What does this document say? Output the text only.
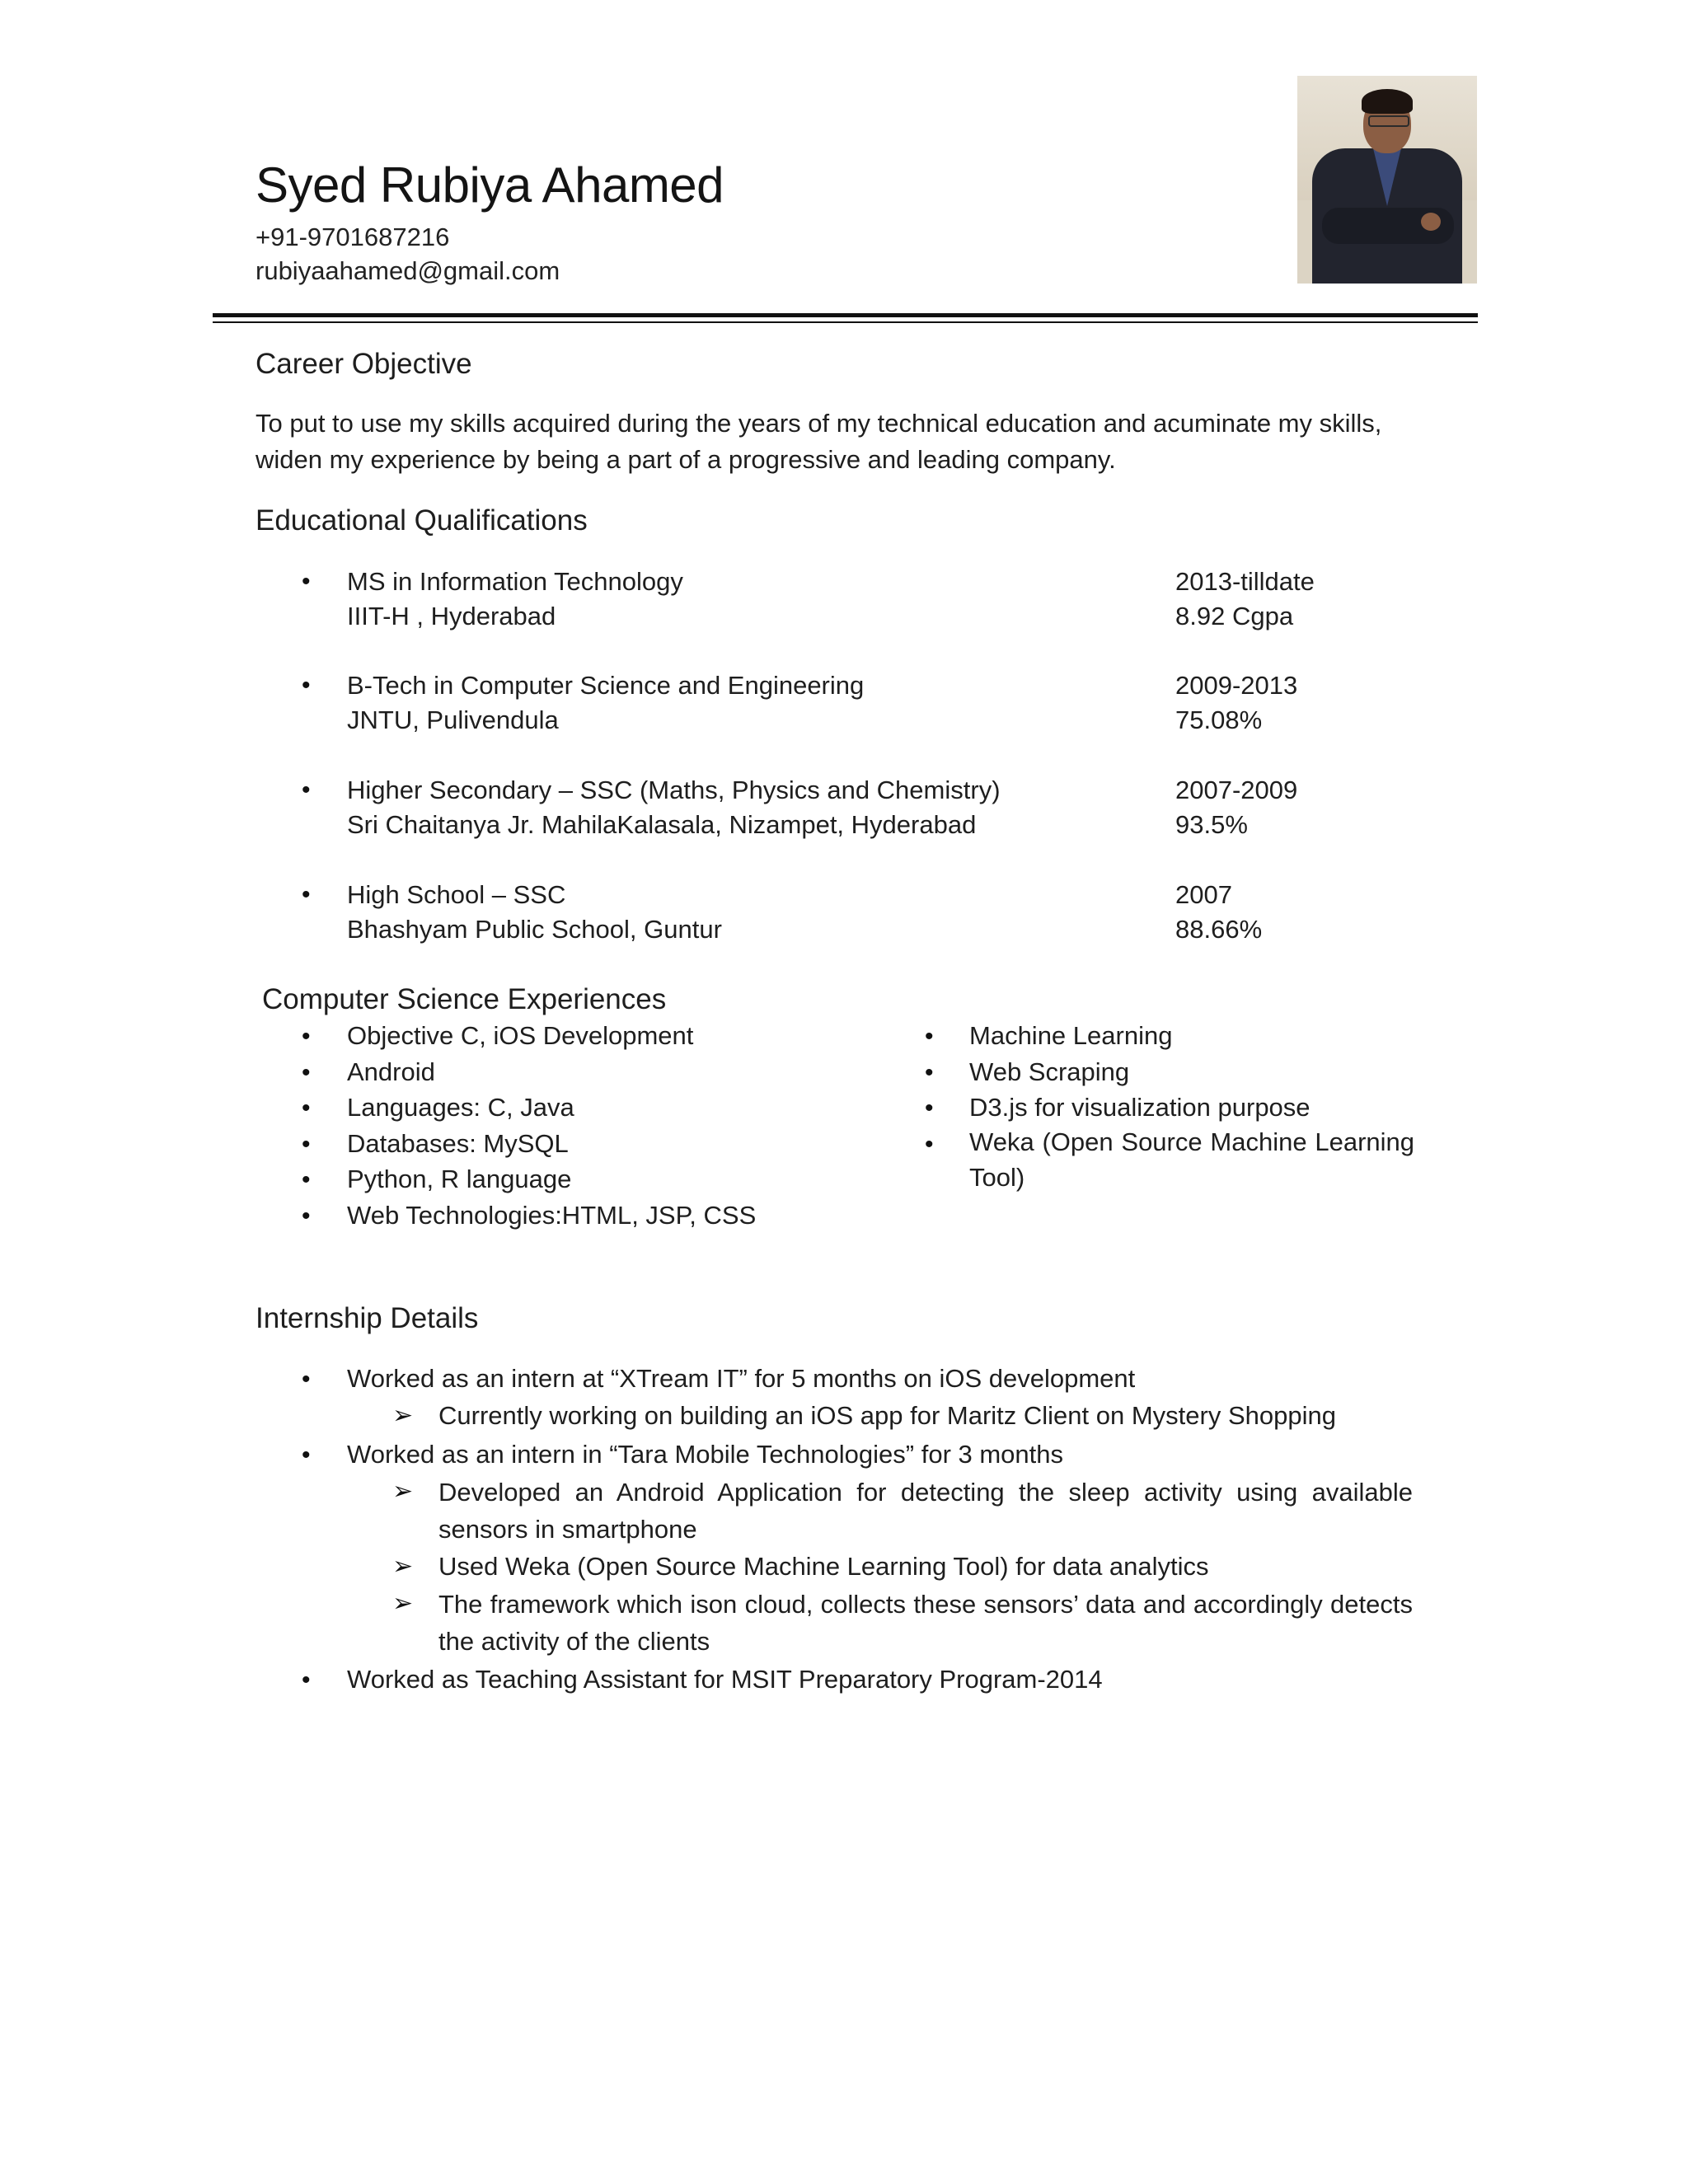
Syed Rubiya Ahamed
+91-9701687216
rubiyaahamed@gmail.com
Career Objective
To put to use my skills acquired during the years of my technical education and acuminate my skills, widen my experience by being a part of a progressive and leading company.
Educational Qualifications
• MS in Information Technology
IIIT-H , Hyderabad
2013-tilldate
8.92 Cgpa
• B-Tech in Computer Science and Engineering
JNTU, Pulivendula
2009-2013
75.08%
• Higher Secondary – SSC (Maths, Physics and Chemistry)
Sri Chaitanya Jr. MahilaKalasala, Nizampet, Hyderabad
2007-2009
93.5%
• High School – SSC
Bhashyam Public School, Guntur
2007
88.66%
Computer Science Experiences
• Objective C, iOS Development
• Android
• Languages: C, Java
• Databases: MySQL
• Python, R language
• Web Technologies:HTML, JSP, CSS
• Machine Learning
• Web Scraping
• D3.js for visualization purpose
• Weka (Open Source Machine Learning Tool)
Internship Details
• Worked as an intern at “XTream IT” for 5 months on iOS development
➢ Currently working on building an iOS app for Maritz Client on Mystery Shopping
• Worked as an intern in “Tara Mobile Technologies” for 3 months
➢ Developed an Android Application for detecting the sleep activity using available sensors in smartphone
➢ Used Weka (Open Source Machine Learning Tool) for data analytics
➢ The framework which ison cloud, collects these sensors’ data and accordingly detects the activity of the clients
• Worked as Teaching Assistant for MSIT Preparatory Program-2014
